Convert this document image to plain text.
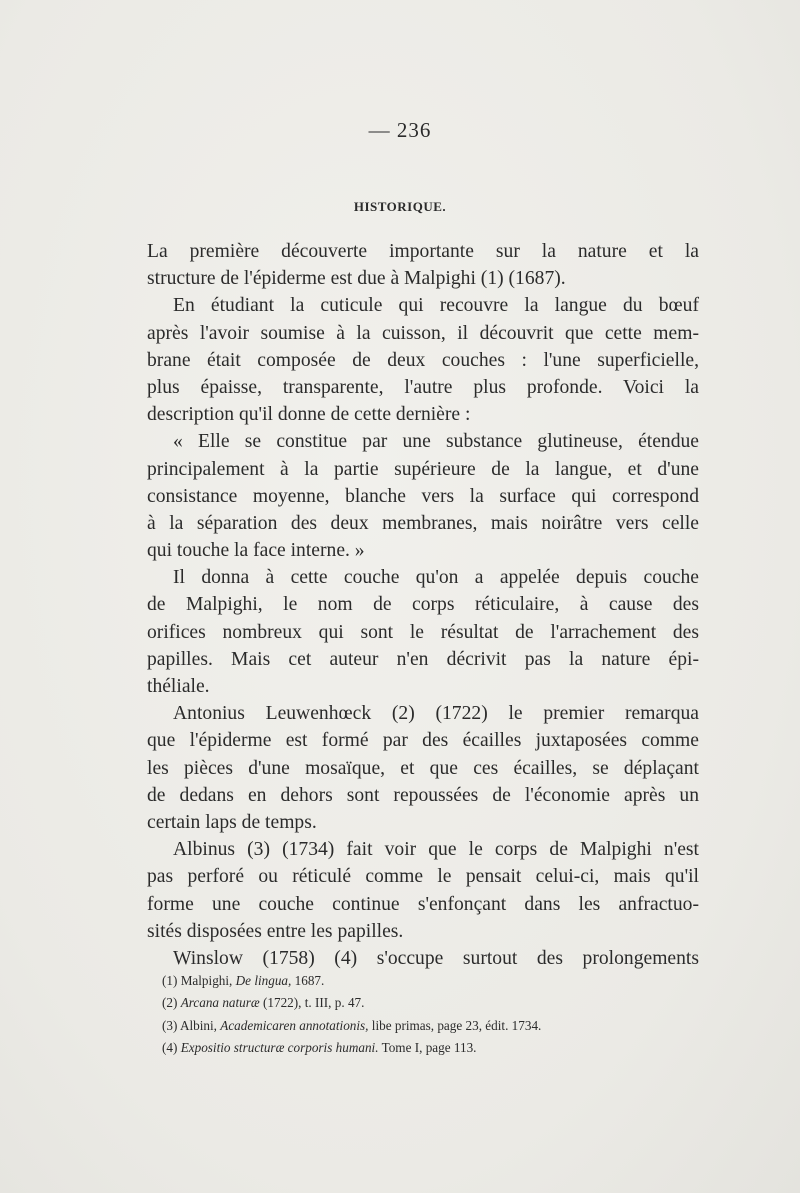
— 236
HISTORIQUE.
La première découverte importante sur la nature et la
structure de l'épiderme est due à Malpighi (1) (1687).
En étudiant la cuticule qui recouvre la langue du bœuf
après l'avoir soumise à la cuisson, il découvrit que cette mem-
brane était composée de deux couches : l'une superficielle,
plus épaisse, transparente, l'autre plus profonde. Voici la
description qu'il donne de cette dernière :
« Elle se constitue par une substance glutineuse, étendue
principalement à la partie supérieure de la langue, et d'une
consistance moyenne, blanche vers la surface qui correspond
à la séparation des deux membranes, mais noirâtre vers celle
qui touche la face interne. »
Il donna à cette couche qu'on a appelée depuis couche
de Malpighi, le nom de corps réticulaire, à cause des
orifices nombreux qui sont le résultat de l'arrachement des
papilles. Mais cet auteur n'en décrivit pas la nature épi-
théliale.
Antonius Leuwenhœck (2) (1722) le premier remarqua
que l'épiderme est formé par des écailles juxtaposées comme
les pièces d'une mosaïque, et que ces écailles, se déplaçant
de dedans en dehors sont repoussées de l'économie après un
certain laps de temps.
Albinus (3) (1734) fait voir que le corps de Malpighi n'est
pas perforé ou réticulé comme le pensait celui-ci, mais qu'il
forme une couche continue s'enfonçant dans les anfractuo-
sités disposées entre les papilles.
Winslow (1758) (4) s'occupe surtout des prolongements
(1) Malpighi, De lingua, 1687.
(2) Arcana naturæ (1722), t. III, p. 47.
(3) Albini, Academicaren annotationis, libe primas, page 23, édit. 1734.
(4) Expositio structuræ corporis humani. Tome I, page 113.
